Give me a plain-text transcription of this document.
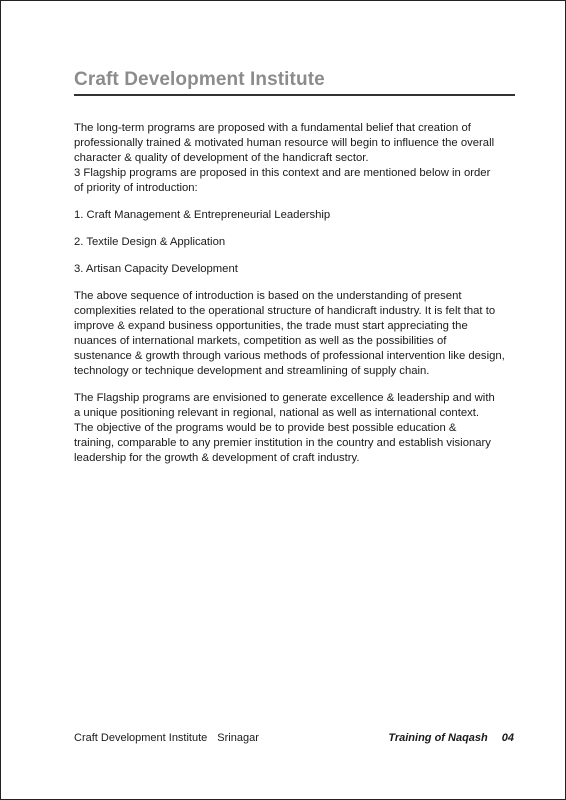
Craft Development Institute

The long-term programs are proposed with a fundamental belief that creation of

professionally trained & motivated human resource will begin to influence the overall

character & quality of development of the handicraft sector.

3 Flagship programs are proposed in this context and are mentioned below in order

of priority of introduction:

1. Craft Management & Entrepreneurial Leadership

2. Textile Design & Application

3. Artisan Capacity Development

The above sequence of introduction is based on the understanding of present

complexities related to the operational structure of handicraft industry. It is felt that to

improve & expand business opportunities, the trade must start appreciating the

nuances of international markets, competition as well as the possibilities of

sustenance & growth through various methods of professional intervention like design,

technology or technique development and streamlining of supply chain.

The Flagship programs are envisioned to generate excellence & leadership and with

a unique positioning relevant in regional, national as well as international context.

The objective of the programs would be to provide best possible education &

training, comparable to any premier institution in the country and establish visionary

leadership for the growth & development of craft industry.

Craft Development Institute Srinagar	Training of Naqash 04
